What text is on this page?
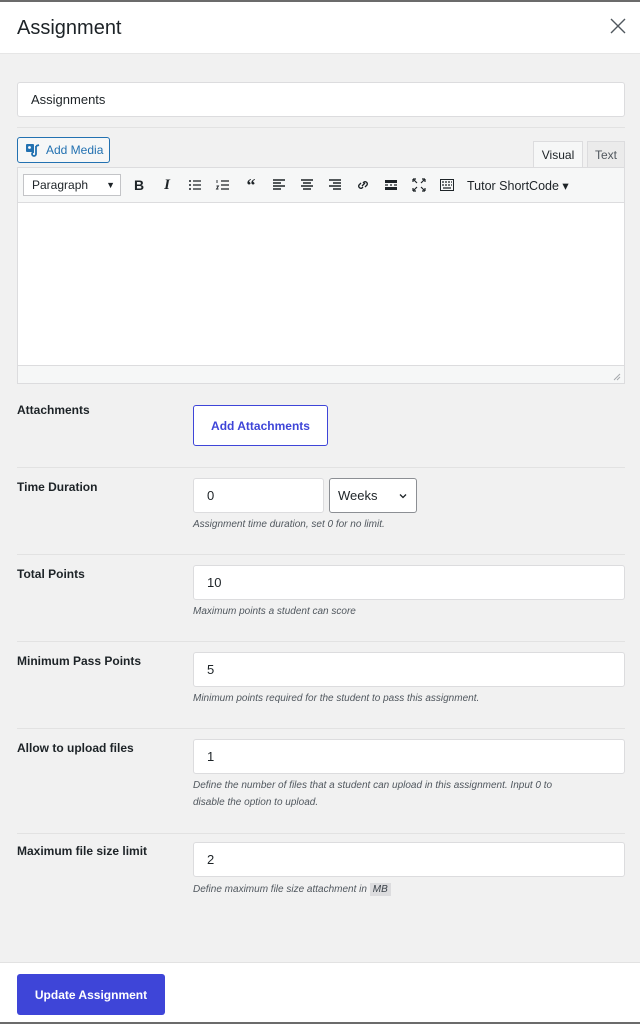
Assignment
Assignments
Add Media	Visual	Text
Paragraph ▼	B	I	“	Tutor ShortCode ▾
Attachments
Add Attachments
Time Duration
0	Weeks
Assignment time duration, set 0 for no limit.
Total Points
10
Maximum points a student can score
Minimum Pass Points
5
Minimum points required for the student to pass this assignment.
Allow to upload files
1
Define the number of files that a student can upload in this assignment. Input 0 to
disable the option to upload.
Maximum file size limit
2
Define maximum file size attachment in MB
Update Assignment
